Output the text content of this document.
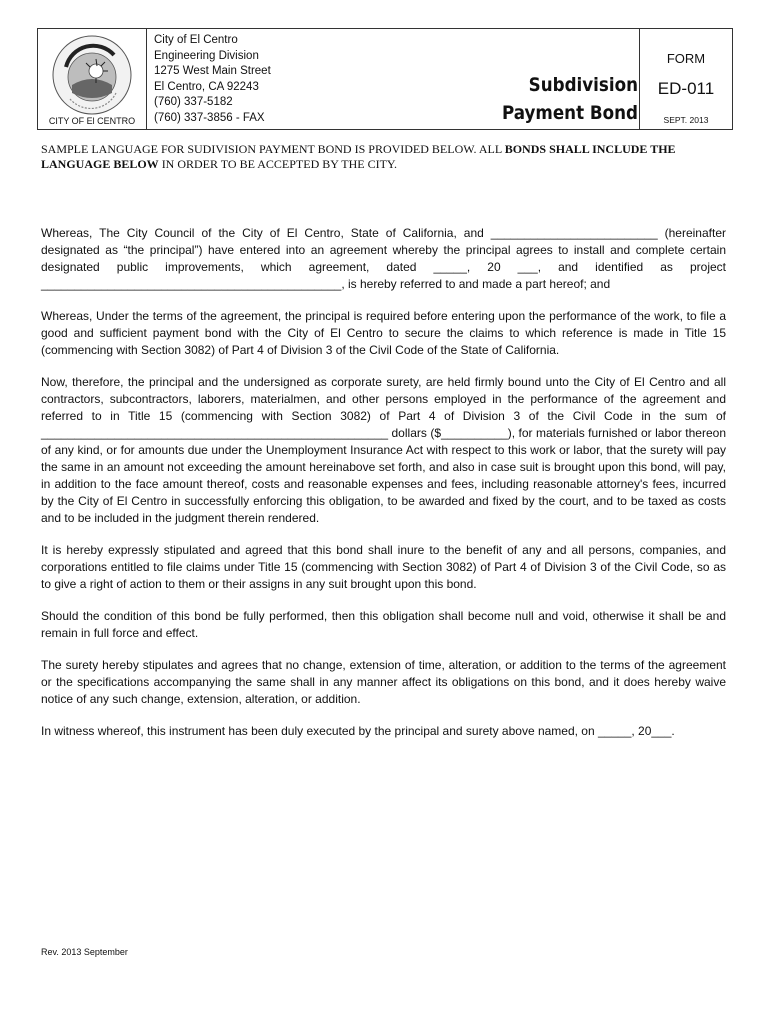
CITY OF El CENTRO
City of El Centro
Engineering Division
1275 West Main Street
El Centro, CA 92243
(760) 337-5182
(760) 337-3856 - FAX
Subdivision
Payment Bond
FORM
ED-011
SEPT. 2013
SAMPLE LANGUAGE FOR SUDIVISION PAYMENT BOND IS PROVIDED BELOW. ALL BONDS SHALL INCLUDE THE LANGUAGE BELOW IN ORDER TO BE ACCEPTED BY THE CITY.

Whereas, The City Council of the City of El Centro, State of California, and _________________________ (hereinafter designated as “the principal”) have entered into an agreement whereby the principal agrees to install and complete certain designated public improvements, which agreement, dated _____, 20 ___, and identified as project _____________________________________________, is hereby referred to and made a part hereof; and

Whereas, Under the terms of the agreement, the principal is required before entering upon the performance of the work, to file a good and sufficient payment bond with the City of El Centro to secure the claims to which reference is made in Title 15 (commencing with Section 3082) of Part 4 of Division 3 of the Civil Code of the State of California.

Now, therefore, the principal and the undersigned as corporate surety, are held firmly bound unto the City of El Centro and all contractors, subcontractors, laborers, materialmen, and other persons employed in the performance of the agreement and referred to in Title 15 (commencing with Section 3082) of Part 4 of Division 3 of the Civil Code in the sum of ____________________________________________________ dollars ($__________), for materials furnished or labor thereon of any kind, or for amounts due under the Unemployment Insurance Act with respect to this work or labor, that the surety will pay the same in an amount not exceeding the amount hereinabove set forth, and also in case suit is brought upon this bond, will pay, in addition to the face amount thereof, costs and reasonable expenses and fees, including reasonable attorney's fees, incurred by the City of El Centro in successfully enforcing this obligation, to be awarded and fixed by the court, and to be taxed as costs and to be included in the judgment therein rendered.

It is hereby expressly stipulated and agreed that this bond shall inure to the benefit of any and all persons, companies, and corporations entitled to file claims under Title 15 (commencing with Section 3082) of Part 4 of Division 3 of the Civil Code, so as to give a right of action to them or their assigns in any suit brought upon this bond.

Should the condition of this bond be fully performed, then this obligation shall become null and void, otherwise it shall be and remain in full force and effect.

The surety hereby stipulates and agrees that no change, extension of time, alteration, or addition to the terms of the agreement or the specifications accompanying the same shall in any manner affect its obligations on this bond, and it does hereby waive notice of any such change, extension, alteration, or addition.

In witness whereof, this instrument has been duly executed by the principal and surety above named, on _____, 20___.

Rev. 2013 September
